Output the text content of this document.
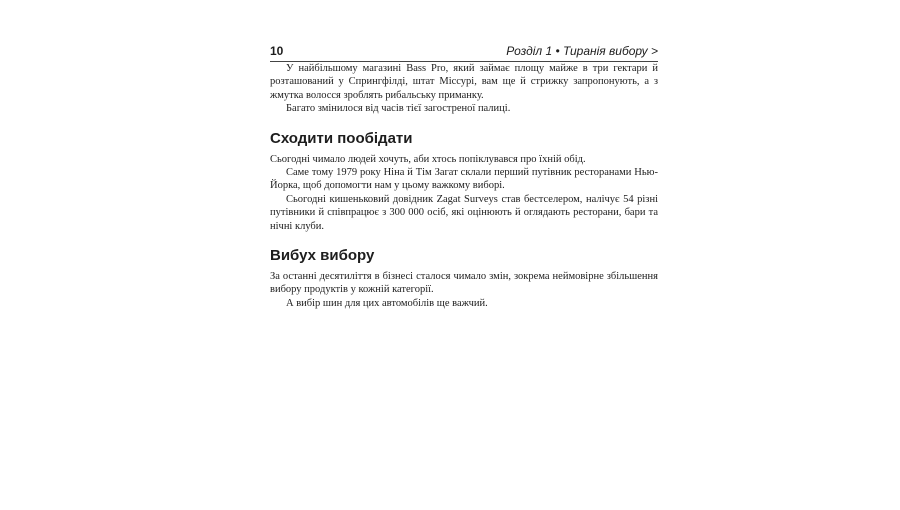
10	Розділ 1 • Тиранія вибору >

У найбільшому магазині Bass Pro, який займає площу майже в три гектари й розташований у Спрингфілді, штат Міссурі, вам ще й стрижку запропонують, а з жмутка волосся зроблять рибальську приманку.

Багато змінилося від часів тієї загостреної палиці.

Сходити пообідати

Сьогодні чимало людей хочуть, аби хтось попіклувався про їхній обід.

Саме тому 1979 року Ніна й Тім Загат склали перший путівник ресторанами Нью-Йорка, щоб допомогти нам у цьому важкому виборі.

Сьогодні кишеньковий довідник Zagat Surveys став бестселером, налічує 54 різні путівники й співпрацює з 300 000 осіб, які оцінюють й оглядають ресторани, бари та нічні клуби.

Вибух вибору

За останні десятиліття в бізнесі сталося чимало змін, зокрема неймовірне збільшення вибору продуктів у кожній категорії.

А вибір шин для цих автомобілів ще важчий.
